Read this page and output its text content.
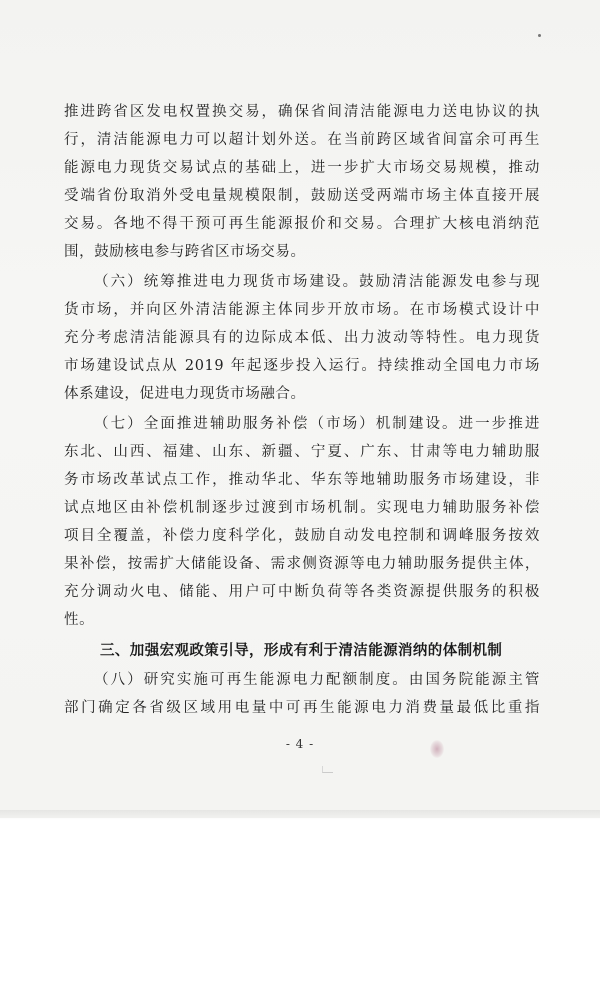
推进跨省区发电权置换交易，确保省间清洁能源电力送电协议的执
行，清洁能源电力可以超计划外送。在当前跨区域省间富余可再生
能源电力现货交易试点的基础上，进一步扩大市场交易规模，推动
受端省份取消外受电量规模限制，鼓励送受两端市场主体直接开展
交易。各地不得干预可再生能源报价和交易。合理扩大核电消纳范
围，鼓励核电参与跨省区市场交易。
（六）统筹推进电力现货市场建设。鼓励清洁能源发电参与现
货市场，并向区外清洁能源主体同步开放市场。在市场模式设计中
充分考虑清洁能源具有的边际成本低、出力波动等特性。电力现货
市场建设试点从 2019 年起逐步投入运行。持续推动全国电力市场
体系建设，促进电力现货市场融合。
（七）全面推进辅助服务补偿（市场）机制建设。进一步推进
东北、山西、福建、山东、新疆、宁夏、广东、甘肃等电力辅助服
务市场改革试点工作，推动华北、华东等地辅助服务市场建设，非
试点地区由补偿机制逐步过渡到市场机制。实现电力辅助服务补偿
项目全覆盖，补偿力度科学化，鼓励自动发电控制和调峰服务按效
果补偿，按需扩大储能设备、需求侧资源等电力辅助服务提供主体，
充分调动火电、储能、用户可中断负荷等各类资源提供服务的积极
性。
三、加强宏观政策引导，形成有利于清洁能源消纳的体制机制
（八）研究实施可再生能源电力配额制度。由国务院能源主管
部门确定各省级区域用电量中可再生能源电力消费量最低比重指
- 4 -
